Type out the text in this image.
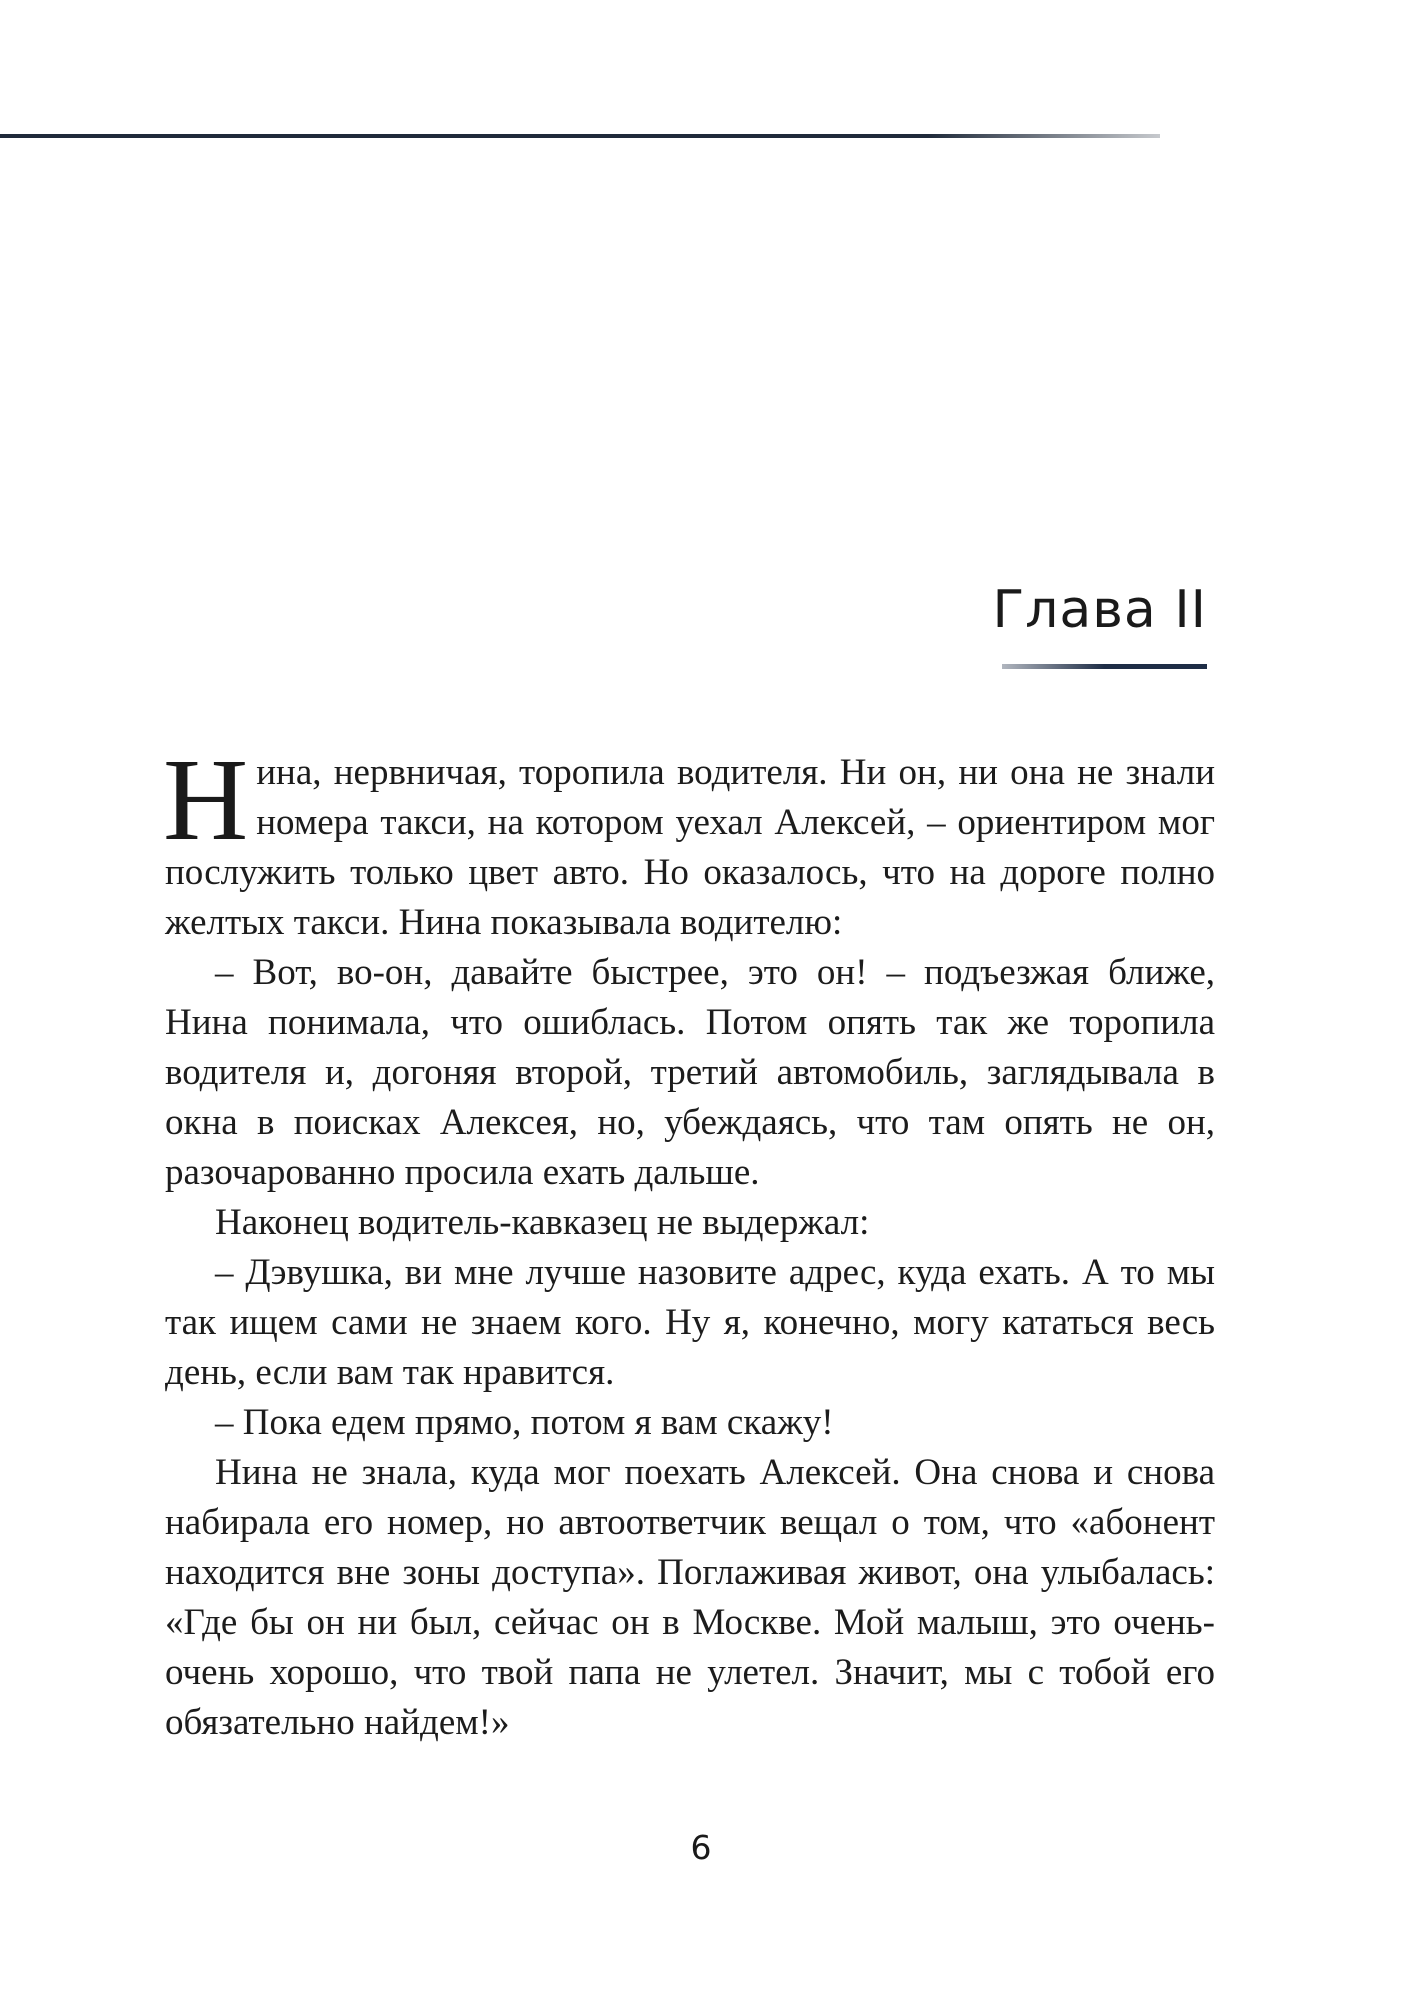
Глава II

Нина, нервничая, торопила водителя. Ни он, ни она не знали номера такси, на котором уехал Алексей, – ориентиром мог послужить только цвет авто. Но оказалось, что на дороге полно желтых такси. Нина показывала водителю:

– Вот, во-он, давайте быстрее, это он! – подъезжая ближе, Нина понимала, что ошиблась. Потом опять так же торопила водителя и, догоняя второй, третий автомобиль, заглядывала в окна в поисках Алексея, но, убеждаясь, что там опять не он, разочарованно просила ехать дальше.

Наконец водитель-кавказец не выдержал:

– Дэвушка, ви мне лучше назовите адрес, куда ехать. А то мы так ищем сами не знаем кого. Ну я, конечно, могу кататься весь день, если вам так нравится.

– Пока едем прямо, потом я вам скажу!

Нина не знала, куда мог поехать Алексей. Она снова и снова набирала его номер, но автоответчик вещал о том, что «абонент находится вне зоны доступа». Поглаживая живот, она улыбалась: «Где бы он ни был, сейчас он в Москве. Мой малыш, это очень-очень хорошо, что твой папа не улетел. Значит, мы с тобой его обязательно найдем!»

6
